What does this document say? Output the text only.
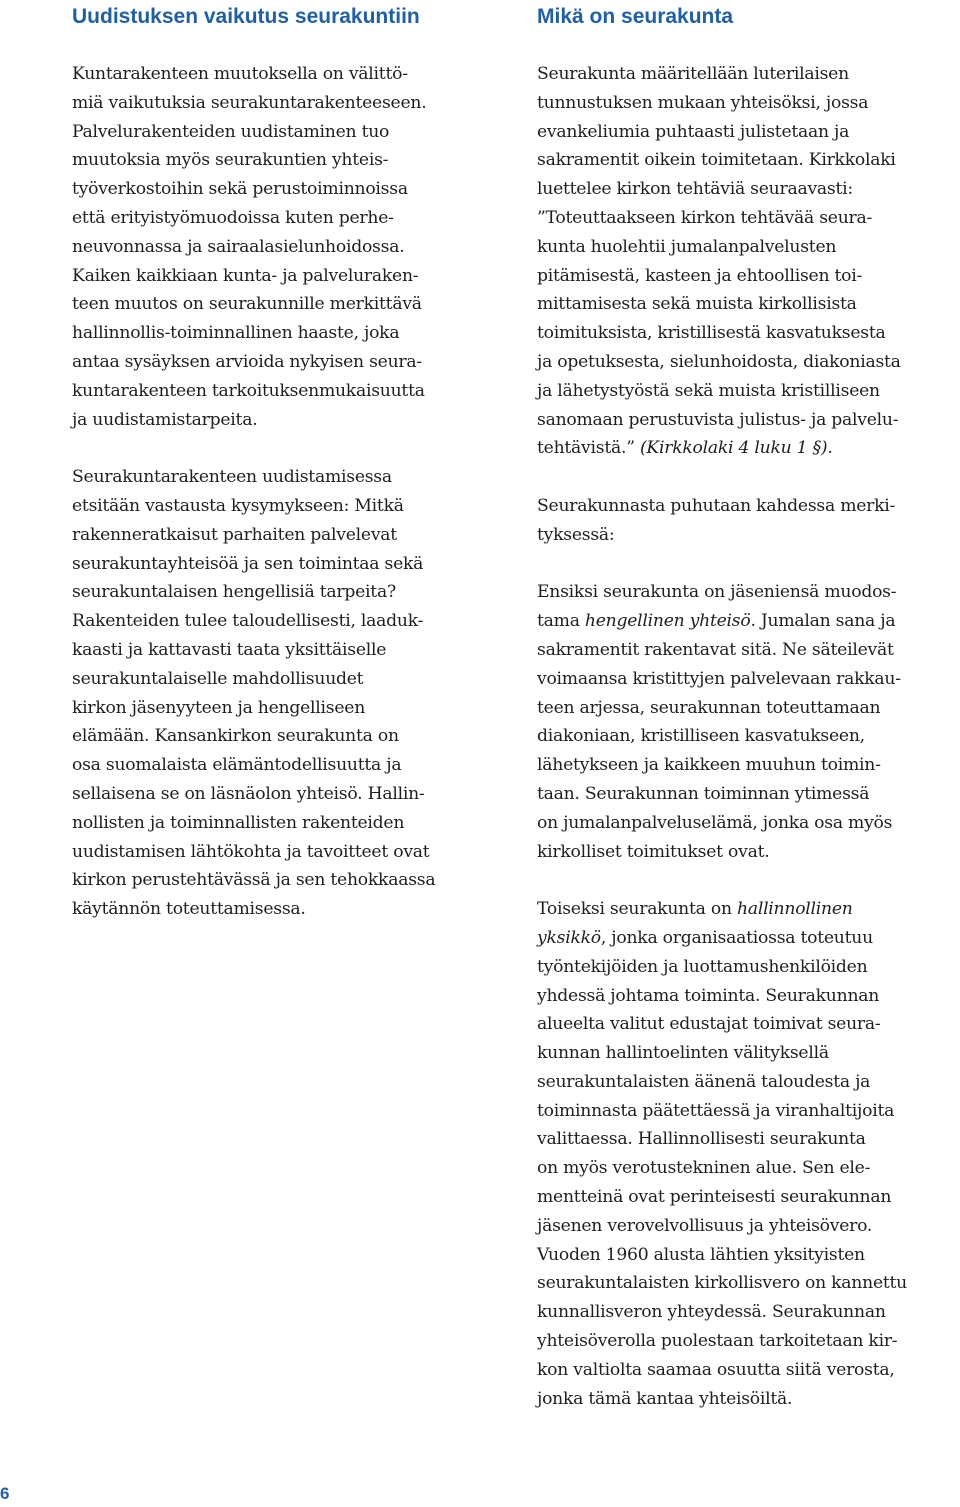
Uudistuksen vaikutus seurakuntiin

Kuntarakenteen muutoksella on välittö-
miä vaikutuksia seurakuntarakenteeseen.
Palvelurakenteiden uudistaminen tuo
muutoksia myös seurakuntien yhteis-
työverkostoihin sekä perustoiminnoissa
että erityistyömuodoissa kuten perhe-
neuvonnassa ja sairaalasielunhoidossa.
Kaiken kaikkiaan kunta- ja palveluraken-
teen muutos on seurakunnille merkittävä
hallinnollis-toiminnallinen haaste, joka
antaa sysäyksen arvioida nykyisen seura-
kuntarakenteen tarkoituksenmukaisuutta
ja uudistamistarpeita.

Seurakuntarakenteen uudistamisessa
etsitään vastausta kysymykseen: Mitkä
rakenneratkaisut parhaiten palvelevat
seurakuntayhteisöä ja sen toimintaa sekä
seurakuntalaisen hengellisiä tarpeita?
Rakenteiden tulee taloudellisesti, laaduk-
kaasti ja kattavasti taata yksittäiselle
seurakuntalaiselle mahdollisuudet
kirkon jäsenyyteen ja hengelliseen
elämään. Kansankirkon seurakunta on
osa suomalaista elämäntodellisuutta ja
sellaisena se on läsnäolon yhteisö. Hallin-
nollisten ja toiminnallisten rakenteiden
uudistamisen lähtökohta ja tavoitteet ovat
kirkon perustehtävässä ja sen tehokkaassa
käytännön toteuttamisessa.

Mikä on seurakunta

Seurakunta määritellään luterilaisen
tunnustuksen mukaan yhteisöksi, jossa
evankeliumia puhtaasti julistetaan ja
sakramentit oikein toimitetaan. Kirkkolaki
luettelee kirkon tehtäviä seuraavasti:
”Toteuttaakseen kirkon tehtävää seura-
kunta huolehtii jumalanpalvelusten
pitämisestä, kasteen ja ehtoollisen toi-
mittamisesta sekä muista kirkollisista
toimituksista, kristillisestä kasvatuksesta
ja opetuksesta, sielunhoidosta, diakoniasta
ja lähetystyöstä sekä muista kristilliseen
sanomaan perustuvista julistus- ja palvelu-
tehtävistä.” (Kirkkolaki 4 luku 1 §).

Seurakunnasta puhutaan kahdessa merki-
tyksessä:

Ensiksi seurakunta on jäseniensä muodos-
tama hengellinen yhteisö. Jumalan sana ja
sakramentit rakentavat sitä. Ne säteilevät
voimaansa kristittyjen palvelevaan rakkau-
teen arjessa, seurakunnan toteuttamaan
diakoniaan, kristilliseen kasvatukseen,
lähetykseen ja kaikkeen muuhun toimin-
taan. Seurakunnan toiminnan ytimessä
on jumalanpalveluselämä, jonka osa myös
kirkolliset toimitukset ovat.

Toiseksi seurakunta on hallinnollinen
yksikkö, jonka organisaatiossa toteutuu
työntekijöiden ja luottamushenkilöiden
yhdessä johtama toiminta. Seurakunnan
alueelta valitut edustajat toimivat seura-
kunnan hallintoelinten välityksellä
seurakuntalaisten äänenä taloudesta ja
toiminnasta päätettäessä ja viranhaltijoita
valittaessa. Hallinnollisesti seurakunta
on myös verotustekninen alue. Sen ele-
mentteinä ovat perinteisesti seurakunnan
jäsenen verovelvollisuus ja yhteisövero.
Vuoden 1960 alusta lähtien yksityisten
seurakuntalaisten kirkollisvero on kannettu
kunnallisveron yhteydessä. Seurakunnan
yhteisöverolla puolestaan tarkoitetaan kir-
kon valtiolta saamaa osuutta siitä verosta,
jonka tämä kantaa yhteisöiltä.

6
